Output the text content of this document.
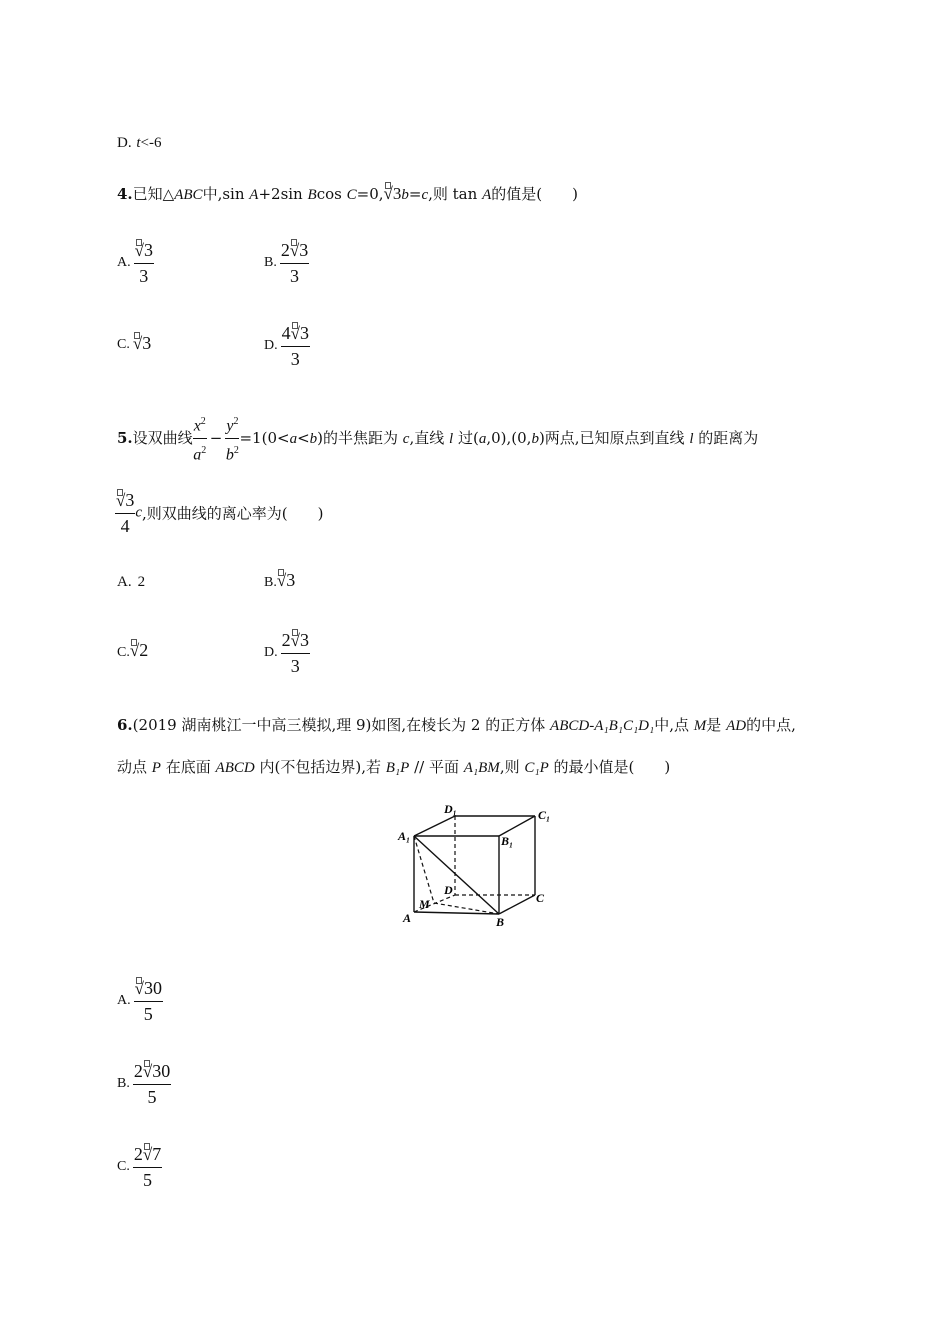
D. t<-6
4.已知△ABC中,sin A+2sin Bcos C=0,√3b=c,则 tan A的值是(　　)
A. $\frac{√3}{3}$	B. $\frac{2√3}{3}$
C. √3	D. $\frac{4√3}{3}$
5.设双曲线 $\frac{x^2}{a^2} - \frac{y^2}{b^2} =1(0<a<b)$的半焦距为 c,直线 l 过(a,0),(0,b)两点,已知原点到直线 l 的距离为
$\frac{√3}{4} c$,则双曲线的离心率为(　　)
A. 2	B.√3
C.√2	D. $\frac{2√3}{3}$
6.(2019 湖南桃江一中高三模拟,理 9)如图,在棱长为 2 的正方体 ABCD-A₁B₁C₁D₁中,点 M是 AD的中点,
动点 P 在底面 ABCD 内(不包括边界),若 B₁P // 平面 A₁BM,则 C₁P 的最小值是(　　)
D₁	C₁
A₁	B₁
D
C
M
A	B
A. $\frac{√30}{5}$
B. $\frac{2√30}{5}$
C. $\frac{2√7}{5}$
